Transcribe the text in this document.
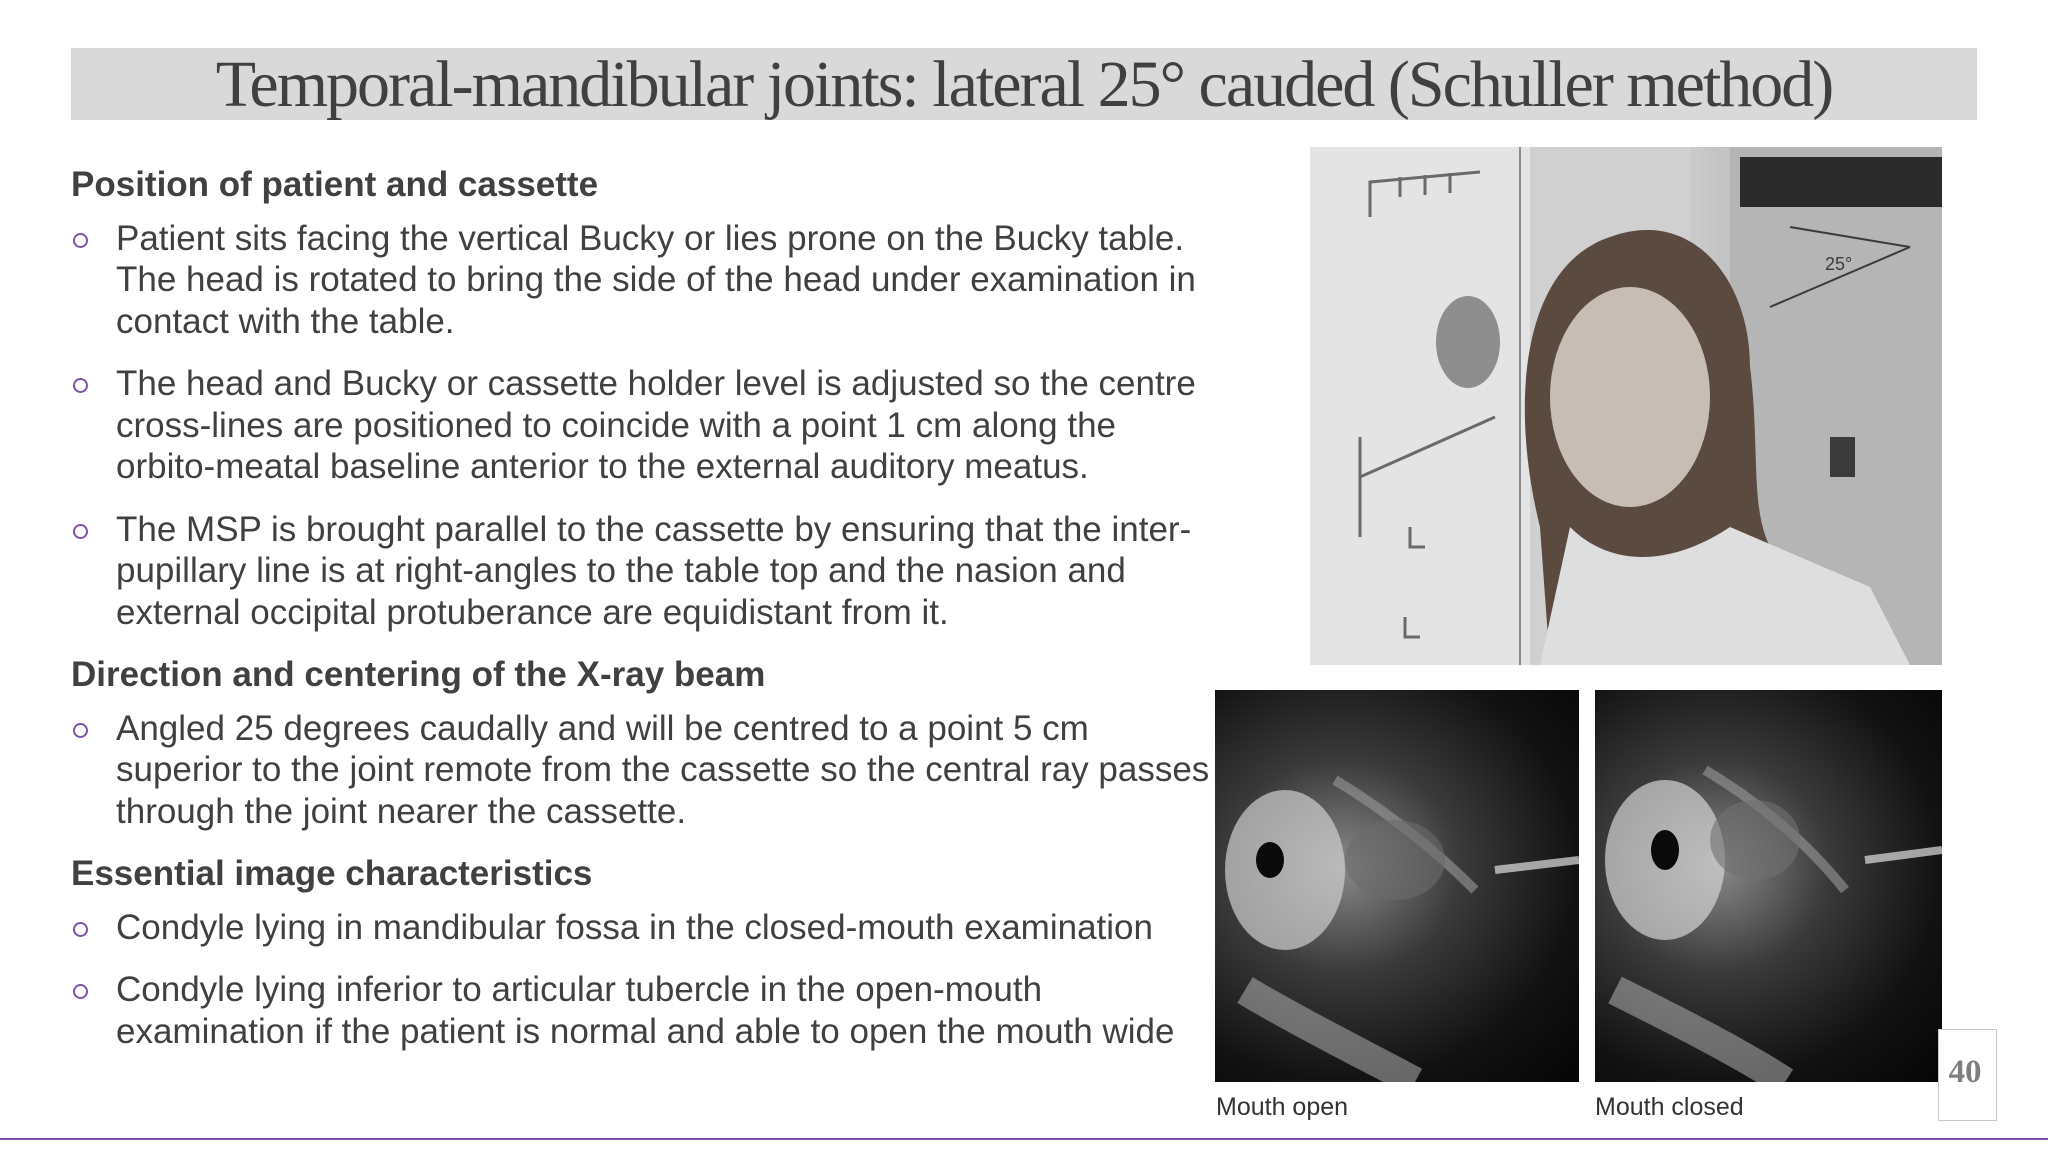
Temporal-mandibular joints: lateral 25° cauded (Schuller method)
Position of patient and cassette
Patient sits facing the vertical Bucky or lies prone on the Bucky table. The head is rotated to bring the side of the head under examination in contact with the table.
The head and Bucky or cassette holder level is adjusted so the centre cross-lines are positioned to coincide with a point 1 cm along the orbito-meatal baseline anterior to the external auditory meatus.
The MSP is brought parallel to the cassette by ensuring that the inter-pupillary line is at right-angles to the table top and the nasion and external occipital protuberance are equidistant from it.
Direction and centering of the X-ray beam
Angled 25 degrees caudally and will be centred to a point 5 cm superior to the joint remote from the cassette so the central ray passes through the joint nearer the cassette.
Essential image characteristics
Condyle lying in mandibular fossa in the closed-mouth examination
Condyle lying inferior to articular tubercle in the open-mouth examination if the patient is normal and able to open the mouth wide
25°
Mouth open	Mouth closed
40
